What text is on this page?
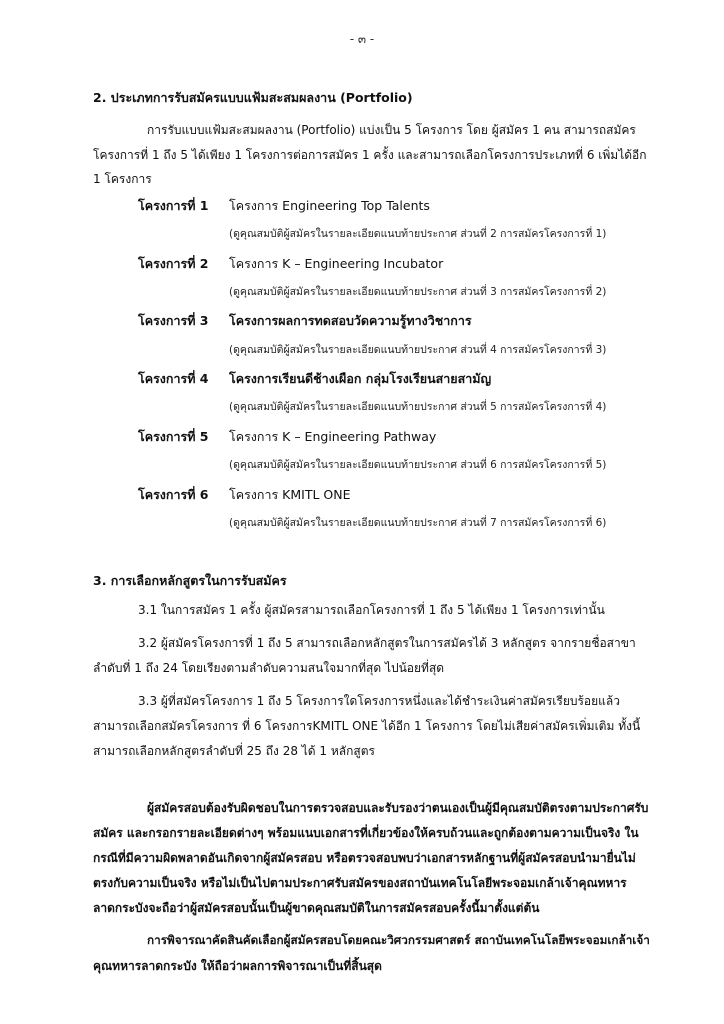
- ๓ -
2. ประเภทการรับสมัครแบบแฟ้มสะสมผลงาน (Portfolio)
การรับแบบแฟ้มสะสมผลงาน (Portfolio) แบ่งเป็น 5 โครงการ โดย ผู้สมัคร 1 คน สามารถสมัคร
โครงการที่ 1 ถึง 5 ได้เพียง 1 โครงการต่อการสมัคร 1 ครั้ง และสามารถเลือกโครงการประเภทที่ 6 เพิ่มได้อีก
1 โครงการ
โครงการที่ 1 โครงการ Engineering Top Talents
(ดูคุณสมบัติผู้สมัครในรายละเอียดแนบท้ายประกาศ ส่วนที่ 2 การสมัครโครงการที่ 1)
โครงการที่ 2 โครงการ K – Engineering Incubator
(ดูคุณสมบัติผู้สมัครในรายละเอียดแนบท้ายประกาศ ส่วนที่ 3 การสมัครโครงการที่ 2)
โครงการที่ 3 โครงการผลการทดสอบวัดความรู้ทางวิชาการ
(ดูคุณสมบัติผู้สมัครในรายละเอียดแนบท้ายประกาศ ส่วนที่ 4 การสมัครโครงการที่ 3)
โครงการที่ 4 โครงการเรียนดีช้างเผือก กลุ่มโรงเรียนสายสามัญ
(ดูคุณสมบัติผู้สมัครในรายละเอียดแนบท้ายประกาศ ส่วนที่ 5 การสมัครโครงการที่ 4)
โครงการที่ 5 โครงการ K – Engineering Pathway
(ดูคุณสมบัติผู้สมัครในรายละเอียดแนบท้ายประกาศ ส่วนที่ 6 การสมัครโครงการที่ 5)
โครงการที่ 6 โครงการ KMITL ONE
(ดูคุณสมบัติผู้สมัครในรายละเอียดแนบท้ายประกาศ ส่วนที่ 7 การสมัครโครงการที่ 6)
3. การเลือกหลักสูตรในการรับสมัคร
3.1 ในการสมัคร 1 ครั้ง ผู้สมัครสามารถเลือกโครงการที่ 1 ถึง 5 ได้เพียง 1 โครงการเท่านั้น
3.2 ผู้สมัครโครงการที่ 1 ถึง 5 สามารถเลือกหลักสูตรในการสมัครได้ 3 หลักสูตร จากรายชื่อสาขา
ลำดับที่ 1 ถึง 24 โดยเรียงตามลำดับความสนใจมากที่สุด ไปน้อยที่สุด
3.3 ผู้ที่สมัครโครงการ 1 ถึง 5 โครงการใดโครงการหนึ่งและได้ชำระเงินค่าสมัครเรียบร้อยแล้ว
สามารถเลือกสมัครโครงการ ที่ 6 โครงการKMITL ONE ได้อีก 1 โครงการ โดยไม่เสียค่าสมัครเพิ่มเติม ทั้งนี้
สามารถเลือกหลักสูตรลำดับที่ 25 ถึง 28 ได้ 1 หลักสูตร
ผู้สมัครสอบต้องรับผิดชอบในการตรวจสอบและรับรองว่าตนเองเป็นผู้มีคุณสมบัติตรงตามประกาศรับ
สมัคร และกรอกรายละเอียดต่างๆ พร้อมแนบเอกสารที่เกี่ยวข้องให้ครบถ้วนและถูกต้องตามความเป็นจริง ใน
กรณีที่มีความผิดพลาดอันเกิดจากผู้สมัครสอบ หรือตรวจสอบพบว่าเอกสารหลักฐานที่ผู้สมัครสอบนำมายื่นไม่
ตรงกับความเป็นจริง หรือไม่เป็นไปตามประกาศรับสมัครของสถาบันเทคโนโลยีพระจอมเกล้าเจ้าคุณทหาร
ลาดกระบังจะถือว่าผู้สมัครสอบนั้นเป็นผู้ขาดคุณสมบัติในการสมัครสอบครั้งนี้มาตั้งแต่ต้น
การพิจารณาคัดสินคัดเลือกผู้สมัครสอบโดยคณะวิศวกรรมศาสตร์ สถาบันเทคโนโลยีพระจอมเกล้าเจ้า
คุณทหารลาดกระบัง ให้ถือว่าผลการพิจารณาเป็นที่สิ้นสุด
